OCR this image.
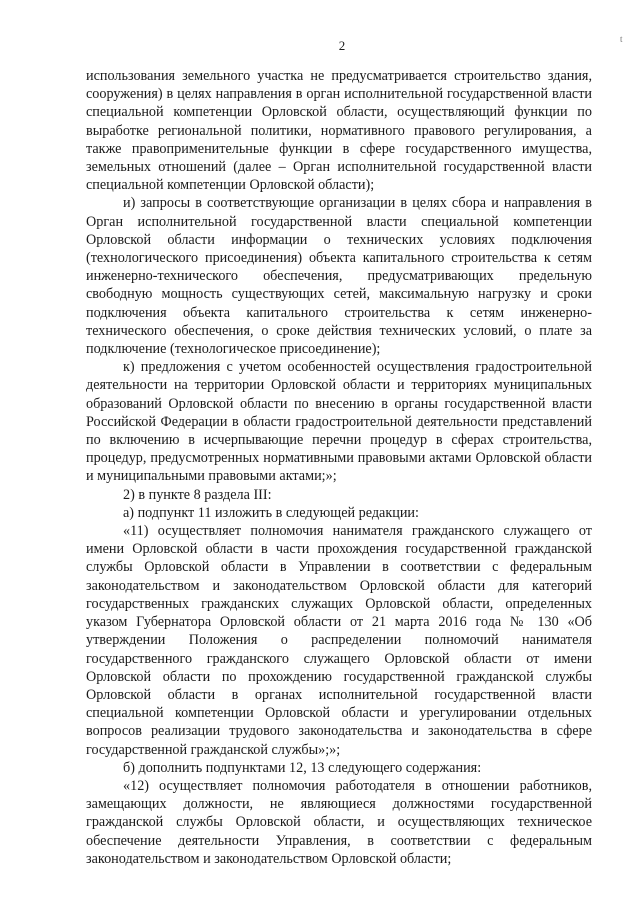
2	t

использования земельного участка не предусматривается строительство здания, сооружения) в целях направления в орган исполнительной государственной власти специальной компетенции Орловской области, осуществляющий функции по выработке региональной политики, нормативного правового регулирования, а также правоприменительные функции в сфере государственного имущества, земельных отношений (далее – Орган исполнительной государственной власти специальной компетенции Орловской области);

и) запросы в соответствующие организации в целях сбора и направления в Орган исполнительной государственной власти специальной компетенции Орловской области информации о технических условиях подключения (технологического присоединения) объекта капитального строительства к сетям инженерно-технического обеспечения, предусматривающих предельную свободную мощность существующих сетей, максимальную нагрузку и сроки подключения объекта капитального строительства к сетям инженерно-технического обеспечения, о сроке действия технических условий, о плате за подключение (технологическое присоединение);

к) предложения с учетом особенностей осуществления градостроительной деятельности на территории Орловской области и территориях муниципальных образований Орловской области по внесению в органы государственной власти Российской Федерации в области градостроительной деятельности представлений по включению в исчерпывающие перечни процедур в сферах строительства, процедур, предусмотренных нормативными правовыми актами Орловской области и муниципальными правовыми актами;»;

2) в пункте 8 раздела III:

а) подпункт 11 изложить в следующей редакции:

«11) осуществляет полномочия нанимателя гражданского служащего от имени Орловской области в части прохождения государственной гражданской службы Орловской области в Управлении в соответствии с федеральным законодательством и законодательством Орловской области для категорий государственных гражданских служащих Орловской области, определенных указом Губернатора Орловской области от 21 марта 2016 года № 130 «Об утверждении Положения о распределении полномочий нанимателя государственного гражданского служащего Орловской области от имени Орловской области по прохождению государственной гражданской службы Орловской области в органах исполнительной государственной власти специальной компетенции Орловской области и урегулировании отдельных вопросов реализации трудового законодательства и законодательства в сфере государственной гражданской службы»;»;

б) дополнить подпунктами 12, 13 следующего содержания:

«12) осуществляет полномочия работодателя в отношении работников, замещающих должности, не являющиеся должностями государственной гражданской службы Орловской области, и осуществляющих техническое обеспечение деятельности Управления, в соответствии с федеральным законодательством и законодательством Орловской области;
